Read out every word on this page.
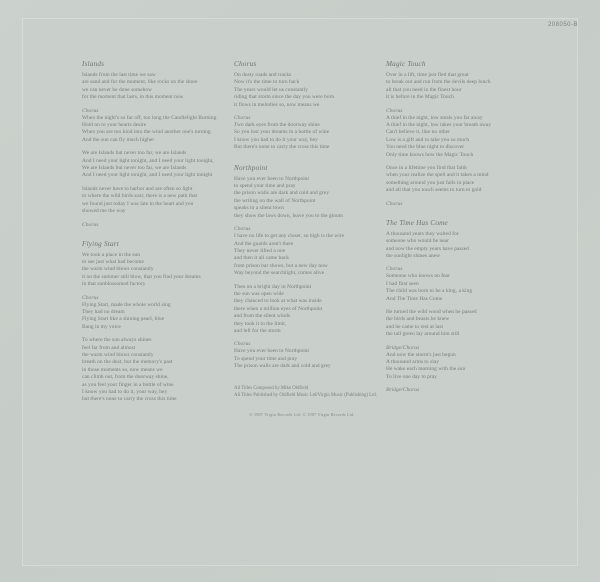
208050-B
Islands
Islands from the last time we saw
are sand and for the moment, like rocks on the shore
we can never be done somehow
for the moment that lasts, in this moment now
Chorus
When the night's so far off, too long the Candlelight Burning
Hold on to your hearts desire
When you are too kind into the wind another one's turning
And the sun can fly much higher
We are Islands but never too far, we are Islands
And I need your light tonight, and I need your light tonight,
We are Islands but never too far, we are Islands
And I need your light tonight, and I need your light tonight
Islands never have to harbor and are often so light
to where the wild birds soar, there is a new path that
we found just today I was late in the heart and you
showed me the way
Chorus
Flying Start
We took a place in the sun
to see just what had become
the warm wind blows constantly
it on the summer still blow, that you find your dreams
in that sunblossomed factory
Chorus
Flying Start, made the whole world sing
They had no dream
Flying Start like a shining pearl, blue
Bang in my voice
To where the sun always shines
feel far from and almost
the warm wind blows constantly
breath on the dust, but the memory's past
in those moments so, now means we
can climb out, from the doorway shine,
as you feel your finger in a bottle of wine
I know you had to do it, your way, hey
but there's none to carry the cross this time
Chorus
On dusty roads and tracks
Now it's the time to turn back
The years would let us constantly
riding that storm since the day you were born
it flows in melodies so, now means we
Chorus
Two dark eyes from the doorway shine
So you lost your dreams in a bottle of wine
I know you had to do it your way, hey
But there's none to carry the cross this time
Northpoint
Have you ever been to Northpoint
to spend your time and pray
the prison walls are dark and cold and grey
the writing on the wall of Northpoint
speaks to a silent town
they show the laws down, leave you to the gloom
Chorus
I have no life to get any closer, so high is the wire
And the guards aren't there
They never lifted a one
and then it all came back
from prison bar shows, but a new day now
Way beyond the searchlight, comes alive
Then on a bright day in Northpoint
the sun was open wide
they chanced to look at what was inside
there when a million eyes of Northpoint
and from the silent winds
they took it to the limit,
and left for the storm
Chorus
Have you ever been to Northpoint
To spend your time and pray
The prison walls are dark and cold and grey
All Titles Composed by Mike Oldfield
All Titles Published by Oldfield Music Ltd/Virgin Music (Publishing) Ltd.
Magic Touch
Over in a lift, time just fled that great
to break out and run from the devils deep lunch
all that you need in the finest hour
it is before in the Magic Touch
Chorus
A thief in the night, low steals you far away
A thief in the night, low takes your breath away
Can't believe it, like no other
Low is a gift and to take you so much
You need the blue night to discover
Only time knows how the Magic Touch
Once in a lifetime you find that faith
when your realize the spell and it takes a mind
something around you just falls in place
and all that you touch seems to turn to gold
Chorus
The Time Has Come
A thousand years they waited for
someone who would be near
and now the empty years have passed
the sunlight shines anew
Chorus
Someone who knows no fear
I had first seen
The child was born to be a king, a king
And The Time Has Come
He turned the wild wood when he passed
the birds and beasts he knew
and he came to rest at last
the tall green lay around him still
Bridge/Chorus
And now the storm's just begun
A thousand arms to slay
He wake each morning with the sun
To live one day to pray
Bridge/Chorus
℗ 1987 Virgin Records Ltd. © 1987 Virgin Records Ltd.
